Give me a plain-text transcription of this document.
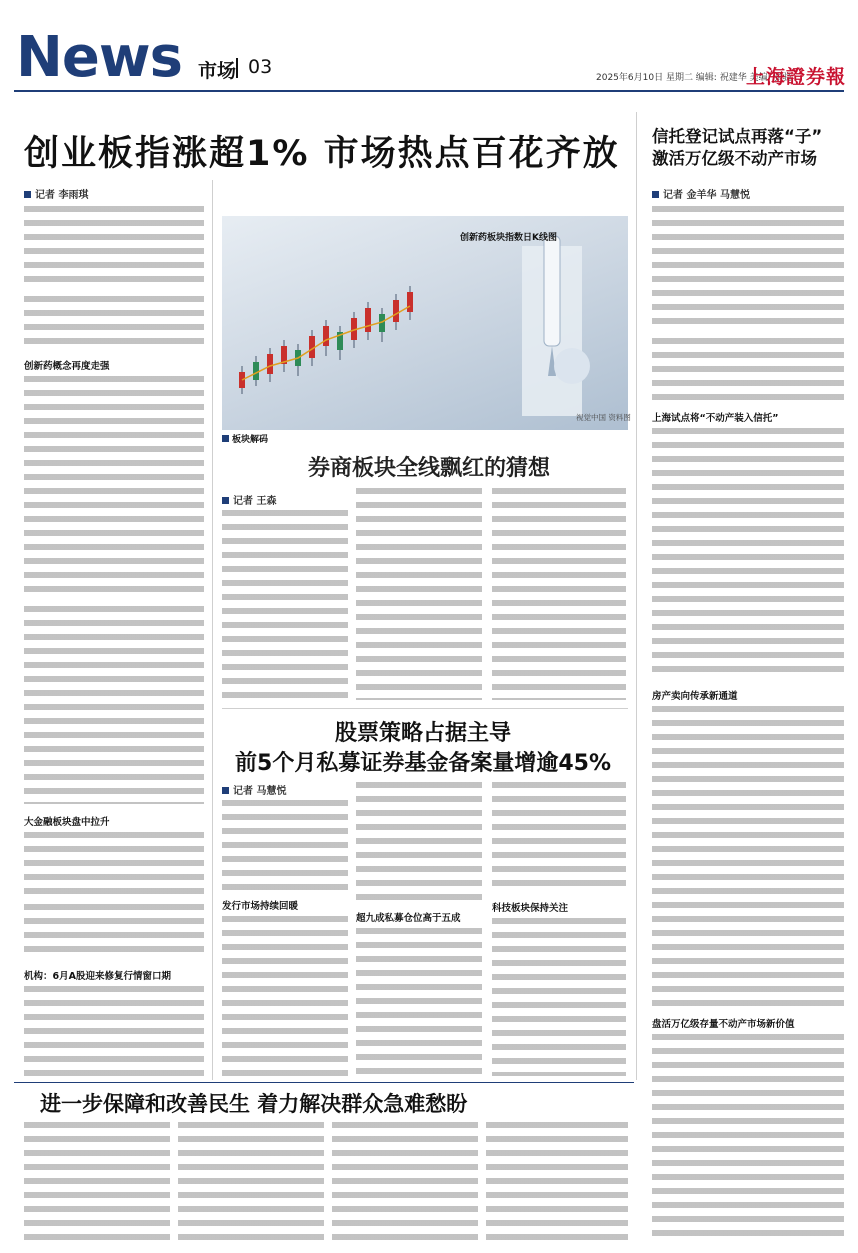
News 市场 03	2025年6月10日 星期二 编辑: 祝建华 美编: 张骁
上海證券報
创业板指涨超1% 市场热点百花齐放 信托登记试点再落“子”
激活万亿级不动产市场
记者 李雨琪
创新药概念再度走强
大金融板块盘中拉升
机构：6月A股迎来修复行情窗口期
创新药板块指数日K线图
视觉中国 资料图
板块解码
券商板块全线飘红的猜想
记者 王森
股票策略占据主导
前5个月私募证券基金备案量增逾45%
记者 马慧悦
发行市场持续回暖
超九成私募仓位高于五成
科技板块保持关注
记者 金羊华 马慧悦
上海试点将“不动产装入信托”
房产卖向传承新通道
盘活万亿级存量不动产市场新价值
进一步保障和改善民生 着力解决群众急难愁盼
